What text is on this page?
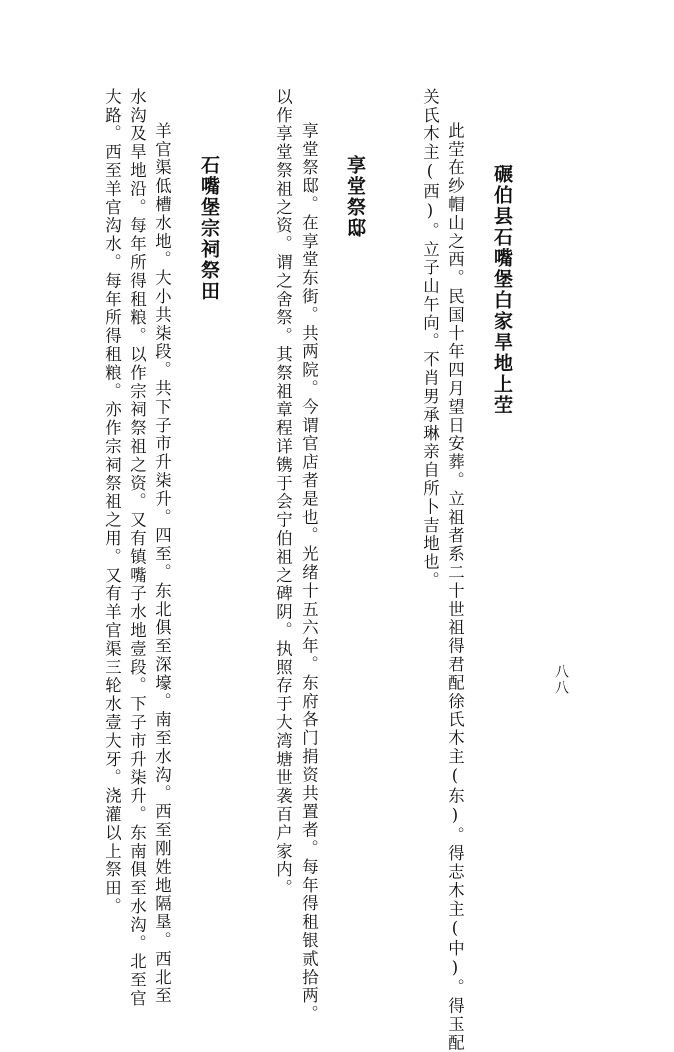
八八
碾伯县石嘴堡白家旱地上茔
此茔在纱帽山之西。民国十年四月望日安葬。立祖者系二十世祖得君配徐氏木主(东)。得志木主(中)。得玉配
关氏木主(西)。立子山午向。不肖男承琳亲自所卜吉地也。
享堂祭邸
享堂祭邸。在享堂东街。共两院。今谓官店者是也。光绪十五六年。东府各门捐资共置者。每年得租银贰拾两。
以作享堂祭祖之资。谓之舍祭。其祭祖章程详镌于会宁伯祖之碑阴。执照存于大湾塘世袭百户家内。
石嘴堡宗祠祭田
羊官渠低槽水地。大小共柒段。共下子市升柒升。四至。东北俱至深壕。南至水沟。西至刚姓地隔垦。西北至
水沟及旱地沿。每年所得租粮。以作宗祠祭祖之资。又有镇嘴子水地壹段。下子市升柒升。东南俱至水沟。北至官
大路。西至羊官沟水。每年所得租粮。亦作宗祠祭祖之用。又有羊官渠三轮水壹大牙。浇灌以上祭田。
